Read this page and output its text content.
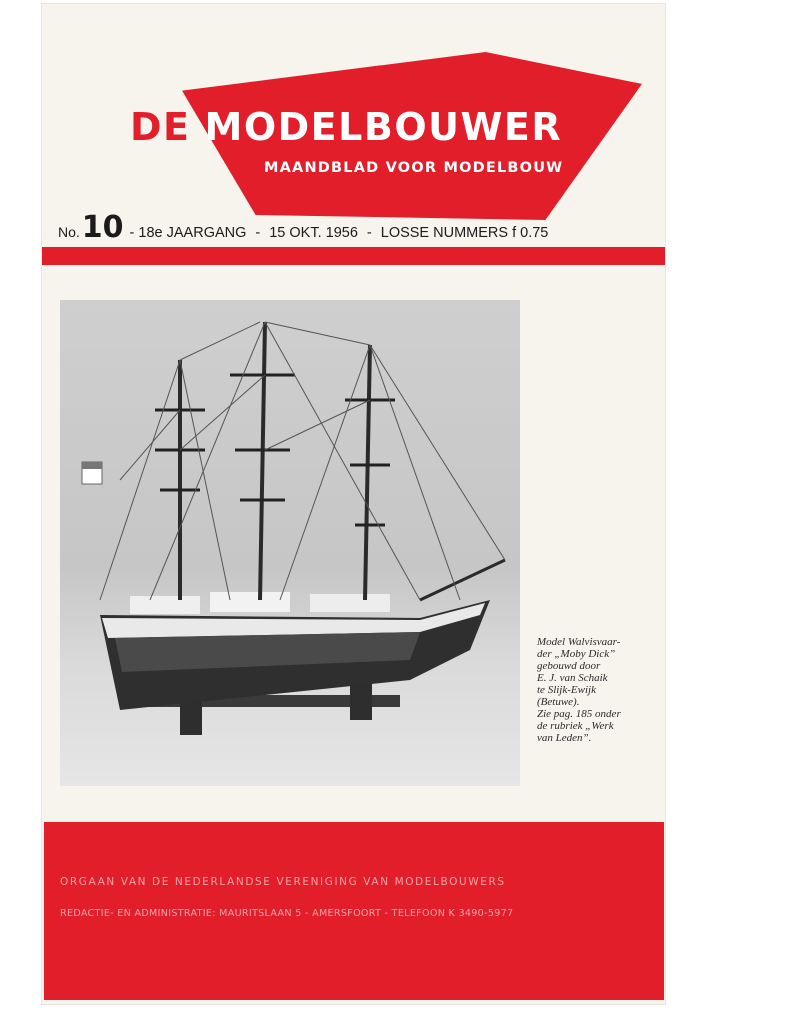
DE MODELBOUWER

MAANDBLAD VOOR MODELBOUW

No. 10 - 18e JAARGANG - 15 OKT. 1956 - LOSSE NUMMERS f 0.75

Model Walvisvaar-
der „Moby Dick”
gebouwd door
E. J. van Schaik
te Slijk-Ewijk
(Betuwe).
Zie pag. 185 onder
de rubriek „Werk
van Leden”.

ORGAAN VAN DE NEDERLANDSE VERENIGING VAN MODELBOUWERS

REDACTIE- EN ADMINISTRATIE: MAURITSLAAN 5 - AMERSFOORT - TELEFOON K 3490-5977
